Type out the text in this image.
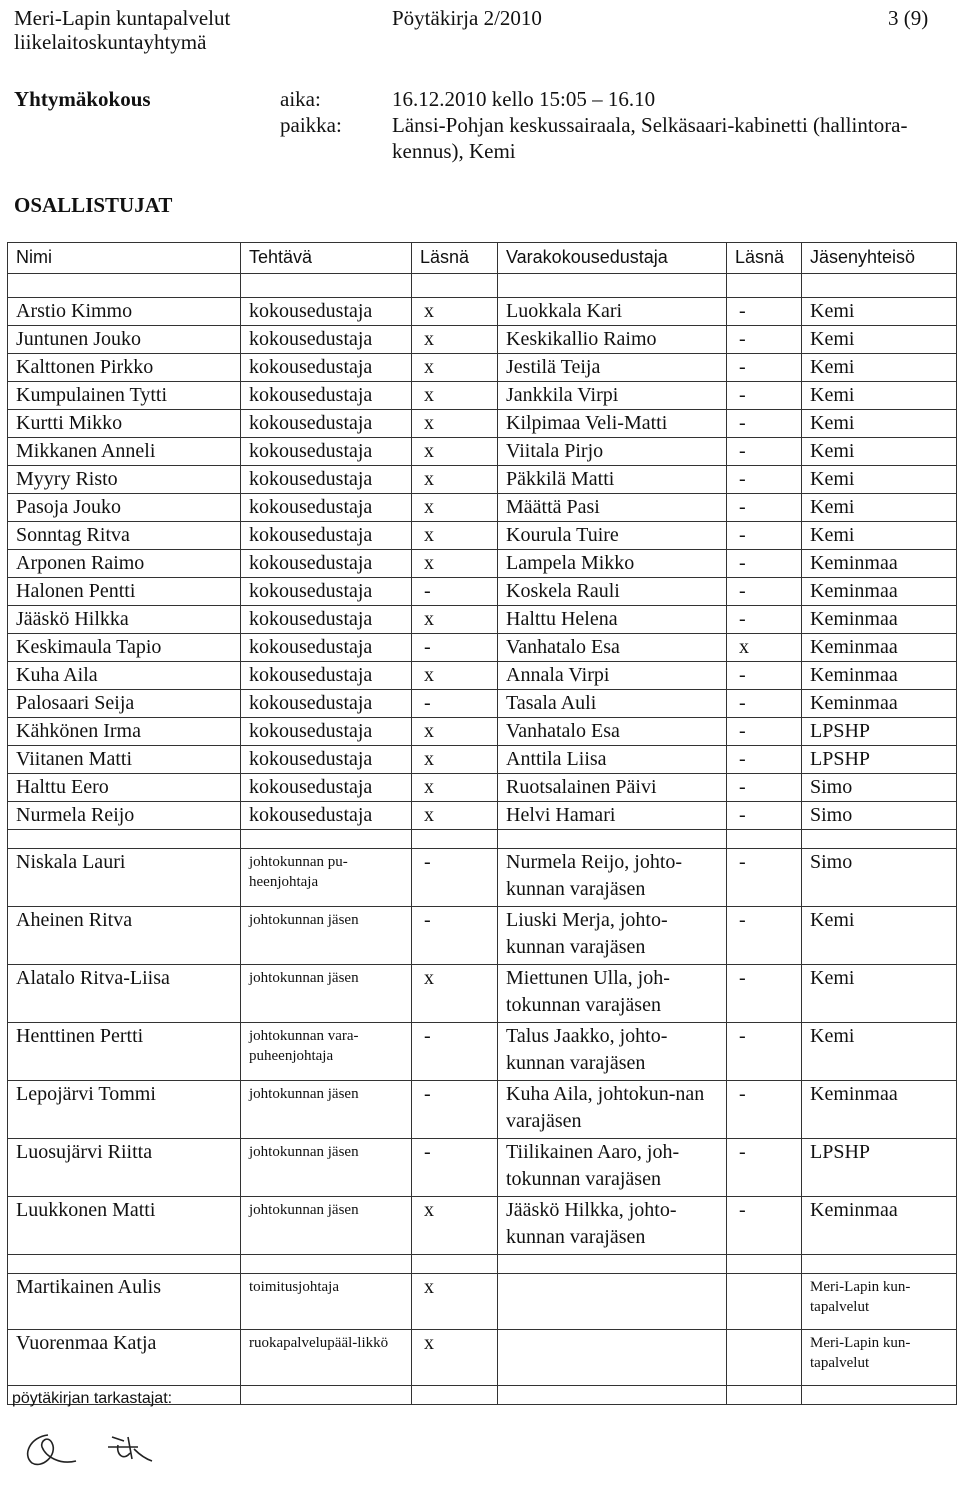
Meri-Lapin kuntapalvelut
liikelaitoskuntayhtymä
Pöytäkirja 2/2010	3 (9)
Yhtymäkokous	aika:	16.12.2010 kello 15:05 – 16.10
paikka: Länsi-Pohjan keskussairaala, Selkäsaari-kabinetti (hallintora-
kennus), Kemi
OSALLISTUJAT
Nimi	Tehtävä	Läsnä	Varakokousedustaja	Läsnä	Jäsenyhteisö

Arstio Kimmo	kokousedustaja	x	Luokkala Kari	-	Kemi
Juntunen Jouko	kokousedustaja	x	Keskikallio Raimo	-	Kemi
Kalttonen Pirkko	kokousedustaja	x	Jestilä Teija	-	Kemi
Kumpulainen Tytti	kokousedustaja	x	Jankkila Virpi	-	Kemi
Kurtti Mikko	kokousedustaja	x	Kilpimaa Veli-Matti	-	Kemi
Mikkanen Anneli	kokousedustaja	x	Viitala Pirjo	-	Kemi
Myyry Risto	kokousedustaja	x	Päkkilä Matti	-	Kemi
Pasoja Jouko	kokousedustaja	x	Määttä Pasi	-	Kemi
Sonntag Ritva	kokousedustaja	x	Kourula Tuire	-	Kemi
Arponen Raimo	kokousedustaja	x	Lampela Mikko	-	Keminmaa
Halonen Pentti	kokousedustaja	-	Koskela Rauli	-	Keminmaa
Jääskö Hilkka	kokousedustaja	x	Halttu Helena	-	Keminmaa
Keskimaula Tapio	kokousedustaja	-	Vanhatalo Esa	x	Keminmaa
Kuha Aila	kokousedustaja	x	Annala Virpi	-	Keminmaa
Palosaari Seija	kokousedustaja	-	Tasala Auli	-	Keminmaa
Kähkönen Irma	kokousedustaja	x	Vanhatalo Esa	-	LPSHP
Viitanen Matti	kokousedustaja	x	Anttila Liisa	-	LPSHP
Halttu Eero	kokousedustaja	x	Ruotsalainen Päivi	-	Simo
Nurmela Reijo	kokousedustaja	x	Helvi Hamari	-	Simo

Niskala Lauri	johtokunnan pu-heenjohtaja	-	Nurmela Reijo, johto-kunnan varajäsen	-	Simo
Aheinen Ritva	johtokunnan jäsen	-	Liuski Merja, johto-kunnan varajäsen	-	Kemi
Alatalo Ritva-Liisa	johtokunnan jäsen	x	Miettunen Ulla, joh-tokunnan varajäsen	-	Kemi
Henttinen Pertti	johtokunnan vara-puheenjohtaja	-	Talus Jaakko, johto-kunnan varajäsen	-	Kemi
Lepojärvi Tommi	johtokunnan jäsen	-	Kuha Aila, johtokun-nan varajäsen	-	Keminmaa
Luosujärvi Riitta	johtokunnan jäsen	-	Tiilikainen Aaro, joh-tokunnan varajäsen	-	LPSHP
Luukkonen Matti	johtokunnan jäsen	x	Jääskö Hilkka, johto-kunnan varajäsen	-	Keminmaa

Martikainen Aulis	toimitusjohtaja	x			Meri-Lapin kun-tapalvelut
Vuorenmaa Katja	ruokapalvelupääl-likkö	x			Meri-Lapin kun-tapalvelut

pöytäkirjan tarkastajat:
